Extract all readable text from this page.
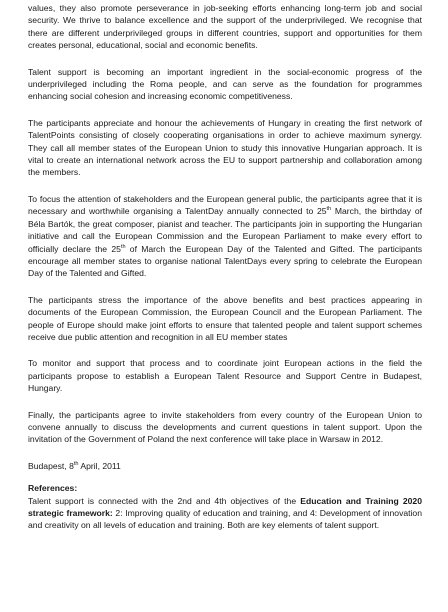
values, they also promote perseverance in job-seeking efforts enhancing long-term job and social security. We thrive to balance excellence and the support of the underprivileged. We recognise that there are different underprivileged groups in different countries, support and opportunities for them creates personal, educational, social and economic benefits.

Talent support is becoming an important ingredient in the social-economic progress of the underprivileged including the Roma people, and can serve as the foundation for programmes enhancing social cohesion and increasing economic competitiveness.

The participants appreciate and honour the achievements of Hungary in creating the first network of TalentPoints consisting of closely cooperating organisations in order to achieve maximum synergy. They call all member states of the European Union to study this innovative Hungarian approach. It is vital to create an international network across the EU to support partnership and collaboration among the members.

To focus the attention of stakeholders and the European general public, the participants agree that it is necessary and worthwhile organising a TalentDay annually connected to 25th March, the birthday of Béla Bartók, the great composer, pianist and teacher. The participants join in supporting the Hungarian initiative and call the European Commission and the European Parliament to make every effort to officially declare the 25th of March the European Day of the Talented and Gifted. The participants encourage all member states to organise national TalentDays every spring to celebrate the European Day of the Talented and Gifted.

The participants stress the importance of the above benefits and best practices appearing in documents of the European Commission, the European Council and the European Parliament. The people of Europe should make joint efforts to ensure that talented people and talent support schemes receive due public attention and recognition in all EU member states

To monitor and support that process and to coordinate joint European actions in the field the participants propose to establish a European Talent Resource and Support Centre in Budapest, Hungary.

Finally, the participants agree to invite stakeholders from every country of the European Union to convene annually to discuss the developments and current questions in talent support. Upon the invitation of the Government of Poland the next conference will take place in Warsaw in 2012.

Budapest, 8th April, 2011

References:

Talent support is connected with the 2nd and 4th objectives of the Education and Training 2020 strategic framework: 2: Improving quality of education and training, and 4: Development of innovation and creativity on all levels of education and training. Both are key elements of talent support.
